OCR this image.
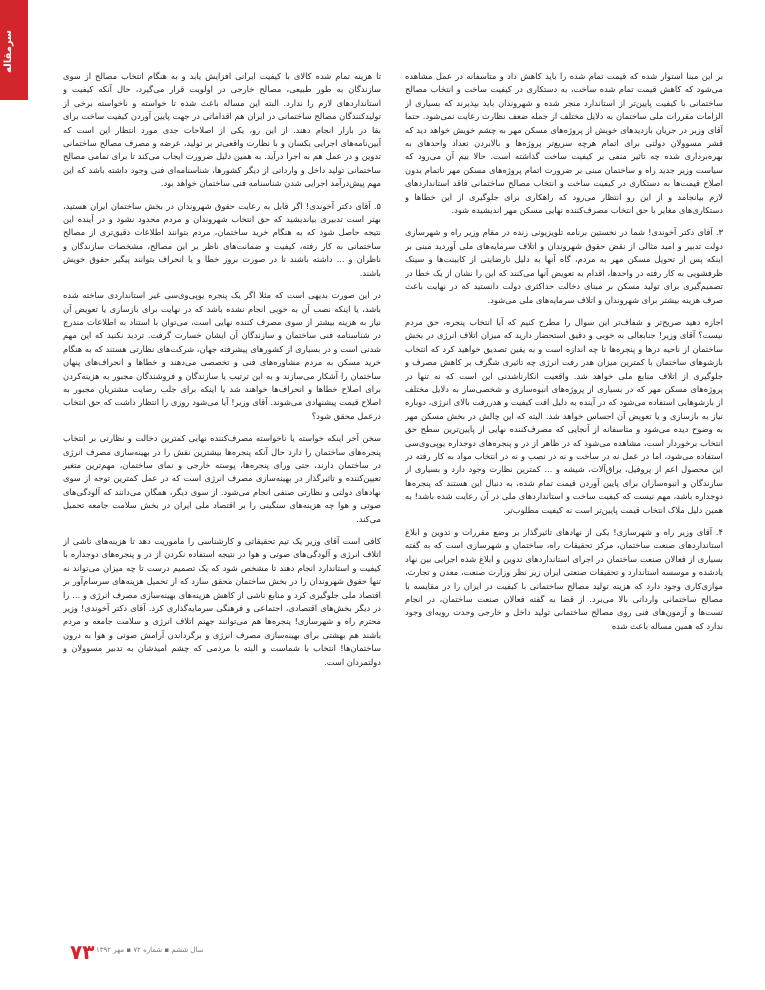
سرمقاله

بر این مبنا استوار شده که قیمت تمام شده را باید کاهش داد و متاسفانه در عمل مشاهده می‌شود که کاهش قیمت تمام شده ساخت، به دستکاری در کیفیت ساخت و انتخاب مصالح ساختمانی با کیفیت پایین‌تر از استاندارد منجر شده و شهروندان باید بپذیرند که بسیاری از الزامات مقررات ملی ساختمان به دلایل مختلف از جمله ضعف نظارت رعایت نمی‌شود. حتما آقای وزیر در جریان بازدیدهای خویش از پروژه‌های مسکن مهر به چشم خویش خواهد دید که قشر مسوولان دولتی برای اتمام هرچه سریع‌تر پروژه‌ها و بالابردن تعداد واحدهای به بهره‌برداری شده چه تاثیر منفی بر کیفیت ساخت گذاشته است. حالا بیم آن می‌رود که سیاست وزیر جدید راه و ساختمان مبنی بر ضرورت اتمام پروژه‌های مسکن مهر ناتمام بدون اصلاح قیمت‌ها به دستکاری در کیفیت ساخت و انتخاب مصالح ساختمانی فاقد استانداردهای لازم بیانجامد و از این رو انتظار می‌رود که راهکاری برای جلوگیری از این خطاها و دستکاری‌های مغایر با حق انتخاب مصرف‌کننده نهایی مسکن مهر اندیشیده شود.

۳. آقای دکتر آخوندی! شما در نخستین برنامه تلویزیونی زنده در مقام وزیر راه و شهرسازی دولت تدبیر و امید مثالی از نقض حقوق شهروندان و اتلاف سرمایه‌های ملی آوردید مبنی بر اینکه پس از تحویل مسکن مهر به مردم، گاه آنها به دلیل نارضایتی از کابینت‌ها و سینک ظرفشویی به کار رفته در واحدها، اقدام به تعویض آنها می‌کنند که این را نشان از یک خطا در تصمیم‌گیری برای تولید مسکن بر مبنای دخالت حداکثری دولت دانستید که در نهایت باعث صرف هزینه بیشتر برای شهروندان و اتلاف سرمایه‌های ملی می‌شود.

اجازه دهید صریح‌تر و شفاف‌تر این سوال را مطرح کنیم که آیا انتخاب پنجره، حق مردم نیست؟ آقای وزیر! جنابعالی به خوبی و دقیق استحضار دارید که میزان اتلاف انرژی در بخش ساختمان از ناحیه درها و پنجره‌ها تا چه اندازه است و به یقین تصدیق خواهید کرد که انتخاب بازشوهای ساختمان با کمترین میزان هدر رفت انرژی چه تاثیری شگرف بر کاهش مصرف و جلوگیری از اتلاف منابع ملی خواهد شد. واقعیت انکارناشدنی این است که نه تنها در پروژه‌های مسکن مهر که در بسیاری از پروژه‌های انبوه‌سازی و شخصی‌ساز به دلایل مختلف از بازشوهایی استفاده می‌شود که در آینده به دلیل افت کیفیت و هدررفت بالای انرژی، دوباره نیاز به بازسازی و یا تعویض آن احساس خواهد شد. البته که این چالش در بخش مسکن مهر به وضوح دیده می‌شود و متاسفانه از آنجایی که مصرف‌کننده نهایی از پایین‌ترین سطح حق انتخاب برخوردار است، مشاهده می‌شود که در ظاهر از در و پنجره‌های دوجداره یوپی‌وی‌سی استفاده می‌شود، اما در عمل نه در ساخت و نه در نصب و نه در انتخاب مواد به کار رفته در این محصول اعم از پروفیل، یراق‌آلات، شیشه و ... کمترین نظارت وجود دارد و بسیاری از سازندگان و انبوه‌سازان برای پایین آوردن قیمت تمام شده، به دنبال این هستند که پنجره‌ها دوجداره باشد، مهم نیست که کیفیت ساخت و استانداردهای ملی در آن رعایت شده باشد! به همین دلیل ملاک انتخاب قیمت پایین‌تر است نه کیفیت مطلوب‌تر.

۴. آقای وزیر راه و شهرسازی! یکی از نهادهای تاثیرگذار بر وضع مقررات و تدوین و ابلاغ استانداردهای صنعت ساختمان، مرکز تحقیقات راه، ساختمان و شهرسازی است که به گفته بسیاری از فعالان صنعت ساختمان در اجرای استانداردهای تدوین و ابلاغ شده اجرایی بین نهاد یادشده و موسسه استاندارد و تحقیقات صنعتی ایران زیر نظر وزارت صنعت، معدن و تجارت، موازی‌کاری وجود دارد که هزینه تولید مصالح ساختمانی با کیفیت در ایران را در مقایسه با مصالح ساختمانی وارداتی بالا می‌برد. از قضا به گفته فعالان صنعت ساختمان، در انجام تست‌ها و آزمون‌های فنی روی مصالح ساختمانی تولید داخل و خارجی وحدت رویه‌ای وجود ندارد که همین مساله باعث شده

تا هزینه تمام شده کالای با کیفیت ایرانی افزایش یابد و به هنگام انتخاب مصالح از سوی سازندگان به طور طبیعی، مصالح خارجی در اولویت قرار می‌گیرد، حال آنکه کیفیت و استانداردهای لازم را ندارد. البته این مساله باعث شده تا خواسته و ناخواسته برخی از تولیدکنندگان مصالح ساختمانی در ایران هم اقداماتی در جهت پایین آوردن کیفیت ساخت برای بقا در بازار انجام دهند. از این رو، یکی از اصلاحات جدی مورد انتظار این است که آیین‌نامه‌های اجرایی یکسان و با نظارت واقعی‌تر بر تولید، عرضه و مصرف مصالح ساختمانی تدوین و در عمل هم به اجرا درآید. به همین دلیل ضرورت ایجاب می‌کند تا برای تمامی مصالح ساختمانی تولید داخل و وارداتی از دیگر کشورها، شناسنامه‌ای فنی وجود داشته باشد که این مهم پیش‌درآمد اجرایی شدن شناسنامه فنی ساختمان خواهد بود.

۵. آقای دکتر آخوندی! اگر قابل به رعایت حقوق شهروندان در بخش ساختمان ایران هستید، بهتر است تدبیری بیاندیشید که حق انتخاب شهروندان و مردم محدود نشود و در آینده این نتیجه حاصل شود که به هنگام خرید ساختمان، مردم بتوانند اطلاعات دقیق‌تری از مصالح ساختمانی به کار رفته، کیفیت و ضمانت‌های ناظر بر این مصالح، مشخصات سازندگان و ناظران و ... داشته باشند تا در صورت بروز خطا و یا انحراف بتوانند پیگیر حقوق خویش باشند.

در این صورت بدیهی است که مثلا اگر یک پنجره یوپی‌وی‌سی غیر استانداردی ساخته شده باشد، یا اینکه نصب آن به خوبی انجام نشده باشد که در نهایت برای بازسازی یا تعویض آن نیاز به هزینه بیشتر از سوی مصرف کننده نهایی است، می‌توان با استناد به اطلاعات مندرج در شناسنامه فنی ساختمان و سازندگان آن ایشان خسارت گرفت. تردید نکنید که این مهم شدنی است و در بسیاری از کشورهای پیشرفته جهان، شرکت‌های نظارتی هستند که به هنگام خرید مسکن به مردم مشاوره‌های فنی و تخصصی می‌دهند و خطاها و انحراف‌های پنهان ساختمان را آشکار می‌سازند و به این ترتیب یا سازندگان و فروشندگان مجبور به هزینه‌کردن برای اصلاح خطاها و انحراف‌ها خواهند شد یا اینکه برای جلب رضایت مشتریان مجبور به اصلاح قیمت پیشنهادی می‌شوند. آقای وزیر! آیا می‌شود روزی را انتظار داشت که حق انتخاب درعمل محقق شود؟

سخن آخر اینکه خواسته یا ناخواسته مصرف‌کننده نهایی کمترین دخالت و نظارتی بر انتخاب پنجره‌های ساختمان را دارد حال آنکه پنجره‌ها بیشترین نقش را در بهینه‌سازی مصرف انرژی در ساختمان دارند، حتی ورای پنجره‌ها، پوسته خارجی و نمای ساختمان، مهم‌ترین متغیر تعیین‌کننده و تاثیرگذار در بهینه‌سازی مصرف انرژی است که در عمل کمترین توجه از سوی نهادهای دولتی و نظارتی صنفی انجام می‌شود. از سوی دیگر، همگان می‌دانند که آلودگی‌های صوتی و هوا چه هزینه‌های سنگینی را بر اقتصاد ملی ایران در بخش سلامت جامعه تحمیل می‌کند.

کافی است آقای وزیر یک تیم تحقیقاتی و کارشناسی را ماموریت دهد تا هزینه‌های ناشی از اتلاف انرژی و آلودگی‌های صوتی و هوا در نتیجه استفاده نکردن از در و پنجره‌های دوجداره با کیفیت و استاندارد انجام دهند تا مشخص شود که یک تصمیم درست تا چه میزان می‌تواند نه تنها حقوق شهروندان را در بخش ساختمان محقق سازد که از تحمیل هزینه‌های سرسام‌آور بر اقتصاد ملی جلوگیری کرد و منابع ناشی از کاهش هزینه‌های بهینه‌سازی مصرف انرژی و ... را در دیگر بخش‌های اقتصادی، اجتماعی و فرهنگی سرمایه‌گذاری کرد. آقای دکتر آخوندی! وزیر محترم راه و شهرسازی! پنجره‌ها هم می‌توانند جهنم اتلاف انرژی و سلامت جامعه و مردم باشند هم بهشتی برای بهینه‌سازی مصرف انرژی و برگرداندن آرامش صوتی و هوا به درون ساختمان‌ها! انتخاب با شماست و البته با مردمی که چشم امیدشان به تدبیر مسوولان و دولتمردان است.

۷۳ سال ششم ▪ شماره ۷۲ ▪ مهر ۱۳۹۲
